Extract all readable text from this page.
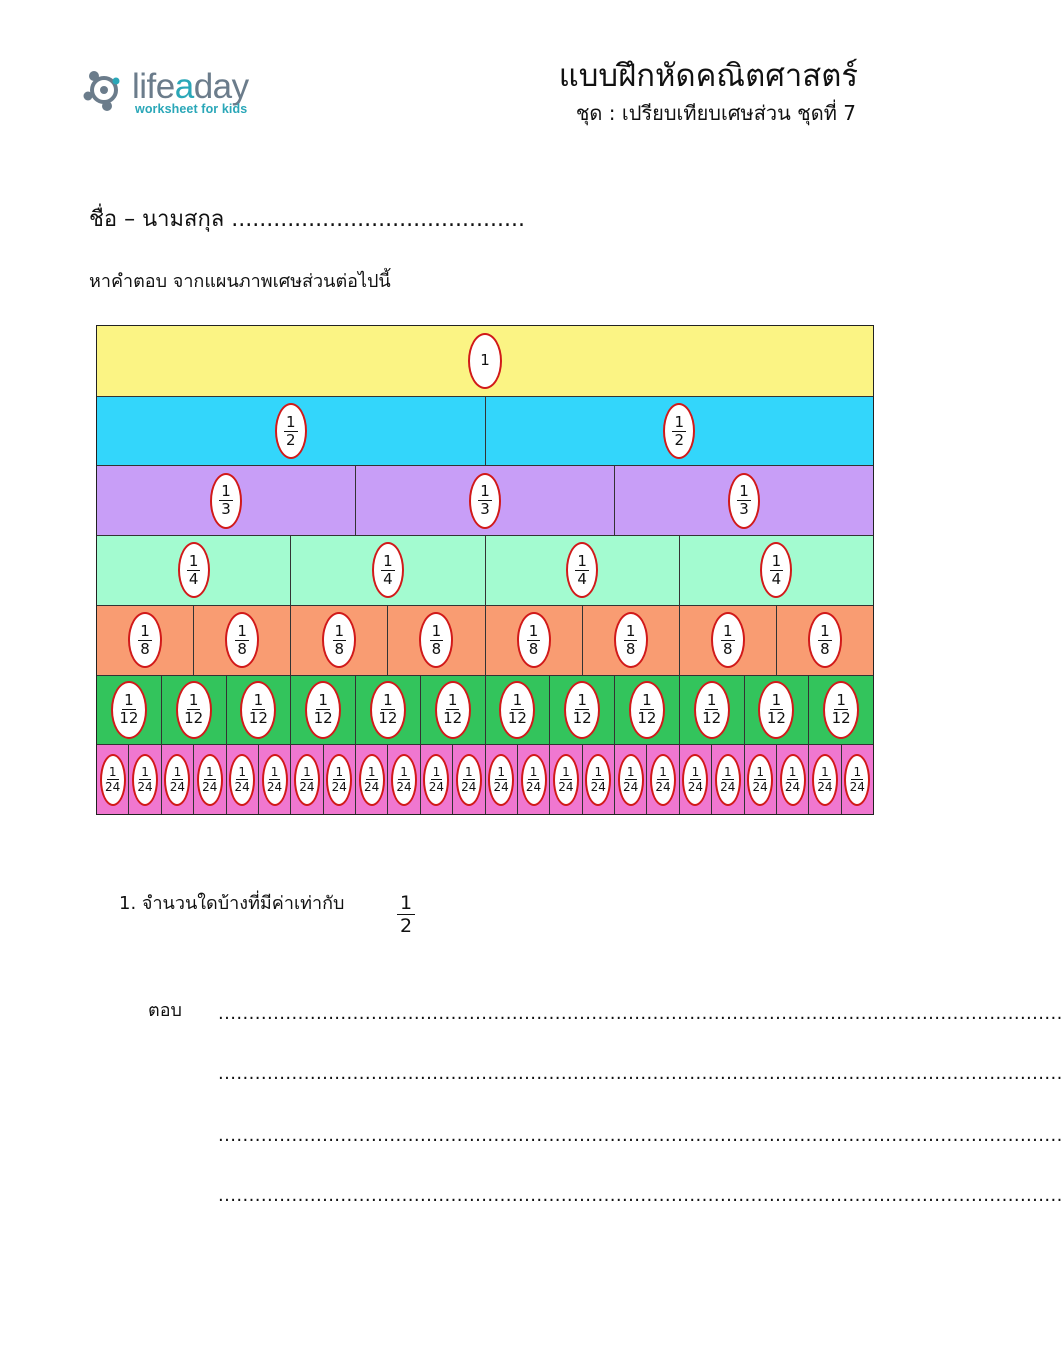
lifeaday
worksheet for kids
แบบฝึกหัดคณิตศาสตร์
ชุด : เปรียบเทียบเศษส่วน ชุดที่ 7
ชื่อ – นามสกุล ..........................................
หาคำตอบ จากแผนภาพเศษส่วนต่อไปนี้
1
$\frac{1}{2}$	$\frac{1}{2}$
$\frac{1}{3}$	$\frac{1}{3}$	$\frac{1}{3}$
$\frac{1}{4}$	$\frac{1}{4}$	$\frac{1}{4}$	$\frac{1}{4}$
$\frac{1}{8}$	$\frac{1}{8}$	$\frac{1}{8}$	$\frac{1}{8}$	$\frac{1}{8}$	$\frac{1}{8}$	$\frac{1}{8}$	$\frac{1}{8}$
$\frac{1}{12} \frac{1}{12} \frac{1}{12} \frac{1}{12} \frac{1}{12} \frac{1}{12} \frac{1}{12} \frac{1}{12} \frac{1}{12} \frac{1}{12} \frac{1}{12} \frac{1}{12}$
$\frac{1}{24} \frac{1}{24} \frac{1}{24} \frac{1}{24} \frac{1}{24} \frac{1}{24} \frac{1}{24} \frac{1}{24} \frac{1}{24} \frac{1}{24} \frac{1}{24} \frac{1}{24} \frac{1}{24} \frac{1}{24} \frac{1}{24} \frac{1}{24} \frac{1}{24} \frac{1}{24} \frac{1}{24} \frac{1}{24} \frac{1}{24} \frac{1}{24} \frac{1}{24} \frac{1}{24}$
1. จำนวนใดบ้างที่มีค่าเท่ากับ	$\frac{1}{2}$
ตอบ ..........................................................................................................................................
..........................................................................................................................................
..........................................................................................................................................
..........................................................................................................................................
